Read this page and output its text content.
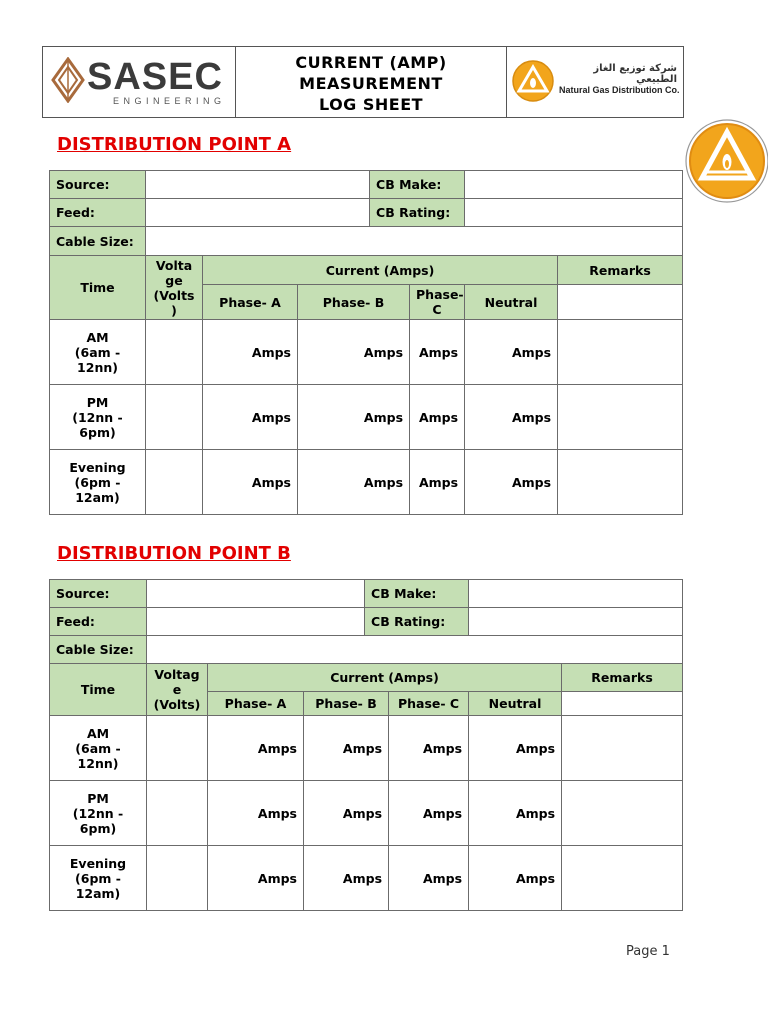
SASEC
ENGINEERING
CURRENT (AMP)
MEASUREMENT
LOG SHEET
شركة توزيع الغاز الطبيعي
Natural Gas Distribution Co.
DISTRIBUTION POINT A
Source:				CB Make:			
Feed:				CB Rating:			
Cable Size:							
Time	Volta
ge
(Volts
)	Current (Amps)					Remarks
		Phase- A	Phase- B		Phase- C	Neutral	

AM
(6am -
12nn)		Amps	Amps		Amps	Amps	

PM
(12nn -
6pm)		Amps	Amps		Amps	Amps	

Evening
(6pm -
12am)		Amps	Amps		Amps	Amps	
DISTRIBUTION POINT B
Source:				CB Make:			
Feed:				CB Rating:			
Cable Size:							
Time	Voltag
e
(Volts)	Current (Amps)					Remarks
		Phase- A	Phase- B		Phase- C	Neutral	

AM
(6am -
12nn)		Amps	Amps		Amps	Amps	

PM
(12nn -
6pm)		Amps	Amps		Amps	Amps	

Evening
(6pm -
12am)		Amps	Amps		Amps	Amps	
Page 1
